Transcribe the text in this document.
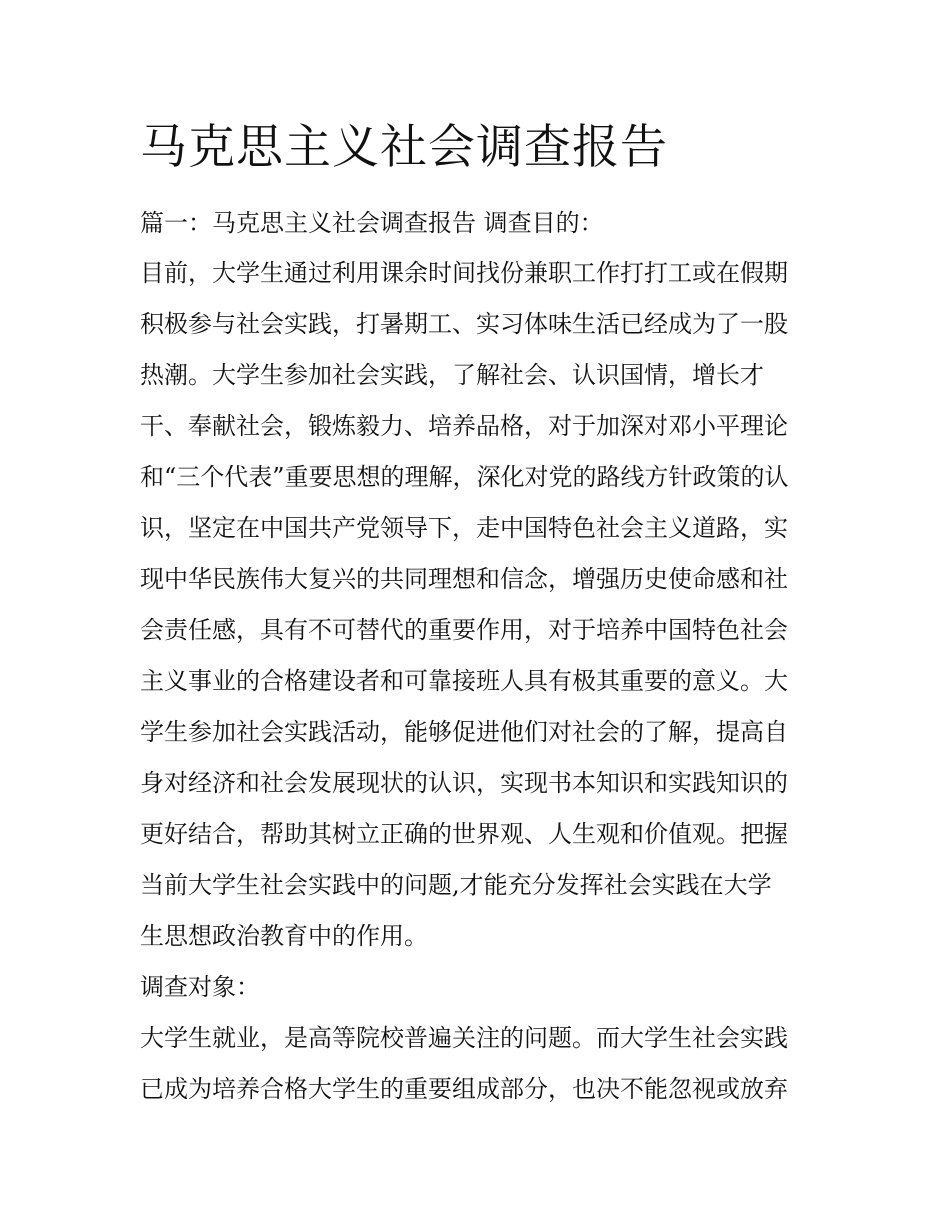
马克思主义社会调查报告

篇一：马克思主义社会调查报告 调查目的：

目前，大学生通过利用课余时间找份兼职工作打打工或在假期

积极参与社会实践，打暑期工、实习体味生活已经成为了一股

热潮。大学生参加社会实践，了解社会、认识国情，增长才

干、奉献社会，锻炼毅力、培养品格，对于加深对邓小平理论

和“三个代表”重要思想的理解，深化对党的路线方针政策的认

识，坚定在中国共产党领导下，走中国特色社会主义道路，实

现中华民族伟大复兴的共同理想和信念，增强历史使命感和社

会责任感，具有不可替代的重要作用，对于培养中国特色社会

主义事业的合格建设者和可靠接班人具有极其重要的意义。大

学生参加社会实践活动，能够促进他们对社会的了解，提高自

身对经济和社会发展现状的认识，实现书本知识和实践知识的

更好结合，帮助其树立正确的世界观、人生观和价值观。把握

当前大学生社会实践中的问题,才能充分发挥社会实践在大学

生思想政治教育中的作用。

调查对象：

大学生就业，是高等院校普遍关注的问题。而大学生社会实践

已成为培养合格大学生的重要组成部分，也决不能忽视或放弃
